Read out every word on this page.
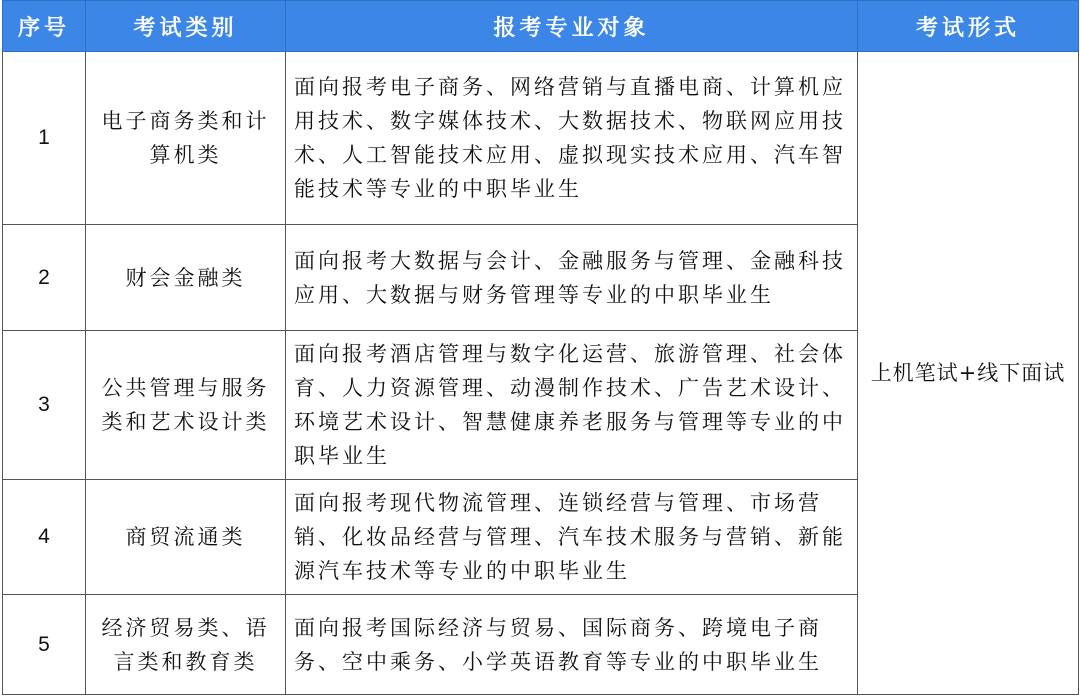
序号	考试类别	报考专业对象	考试形式
1	电子商务类和计算机类	面向报考电子商务、网络营销与直播电商、计算机应用技术、数字媒体技术、大数据技术、物联网应用技术、人工智能技术应用、虚拟现实技术应用、汽车智能技术等专业的中职毕业生	上机笔试+线下面试
2	财会金融类	面向报考大数据与会计、金融服务与管理、金融科技应用、大数据与财务管理等专业的中职毕业生	
3	公共管理与服务类和艺术设计类	面向报考酒店管理与数字化运营、旅游管理、社会体育、人力资源管理、动漫制作技术、广告艺术设计、环境艺术设计、智慧健康养老服务与管理等专业的中职毕业生	
4	商贸流通类	面向报考现代物流管理、连锁经营与管理、市场营销、化妆品经营与管理、汽车技术服务与营销、新能源汽车技术等专业的中职毕业生	
5	经济贸易类、语言类和教育类	面向报考国际经济与贸易、国际商务、跨境电子商务、空中乘务、小学英语教育等专业的中职毕业生	
